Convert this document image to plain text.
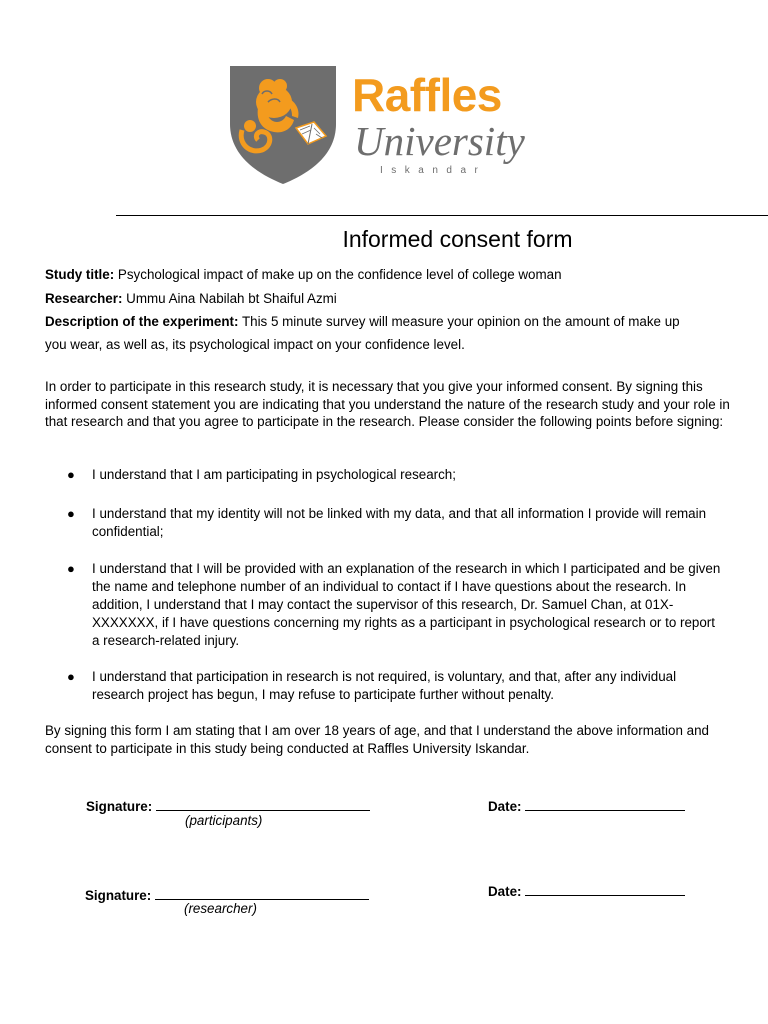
Raffles
University
Iskandar
Informed consent form
Study title: Psychological impact of make up on the confidence level of college woman
Researcher: Ummu Aina Nabilah bt Shaiful Azmi
Description of the experiment: This 5 minute survey will measure your opinion on the amount of make up
you wear, as well as, its psychological impact on your confidence level.
In order to participate in this research study, it is necessary that you give your informed consent. By signing this informed consent statement you are indicating that you understand the nature of the research study and your role in that research and that you agree to participate in the research. Please consider the following points before signing:
● I understand that I am participating in psychological research;
● I understand that my identity will not be linked with my data, and that all information I provide will remain confidential;
● I understand that I will be provided with an explanation of the research in which I participated and be given the name and telephone number of an individual to contact if I have questions about the research. In addition, I understand that I may contact the supervisor of this research, Dr. Samuel Chan, at 01X-XXXXXXX, if I have questions concerning my rights as a participant in psychological research or to report a research-related injury.
● I understand that participation in research is not required, is voluntary, and that, after any individual research project has begun, I may refuse to participate further without penalty.
By signing this form I am stating that I am over 18 years of age, and that I understand the above information and consent to participate in this study being conducted at Raffles University Iskandar.
Signature:
(participants)
Date:
Signature:
(researcher)
Date:
